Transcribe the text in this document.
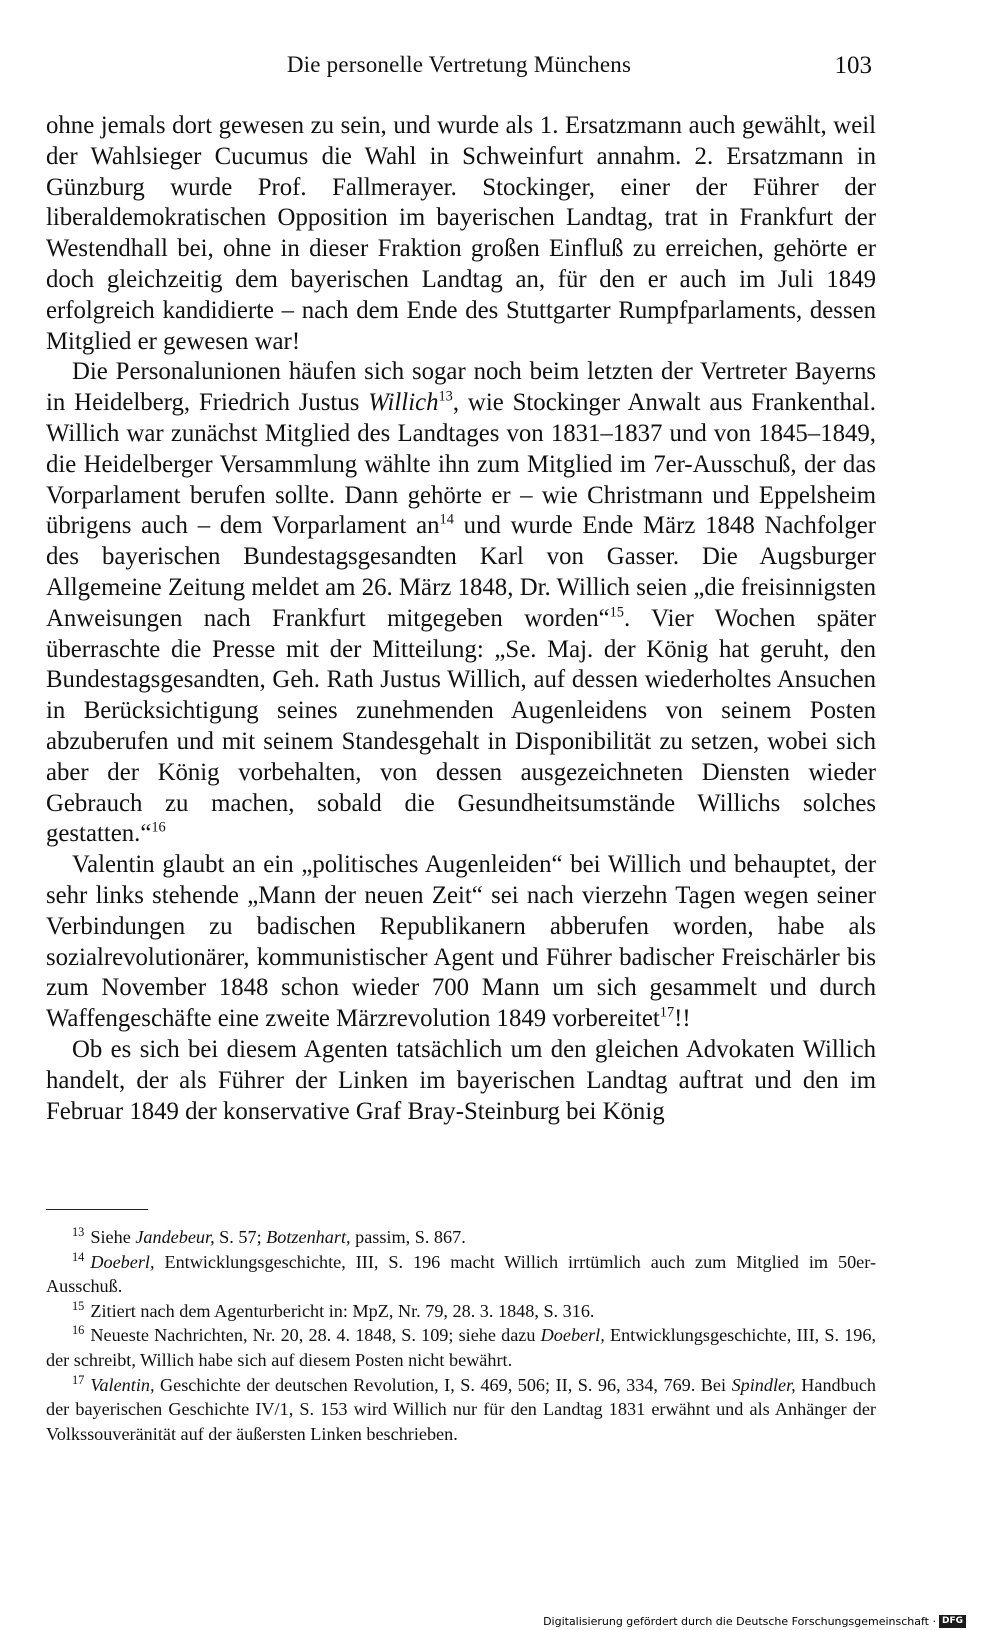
Die personelle Vertretung Münchens	103

ohne jemals dort gewesen zu sein, und wurde als 1. Ersatzmann auch gewählt, weil der Wahlsieger Cucumus die Wahl in Schweinfurt annahm. 2. Ersatzmann in Günzburg wurde Prof. Fallmerayer. Stockinger, einer der Führer der liberaldemokratischen Opposition im bayerischen Landtag, trat in Frankfurt der Westendhall bei, ohne in dieser Fraktion großen Einfluß zu erreichen, gehörte er doch gleichzeitig dem bayerischen Landtag an, für den er auch im Juli 1849 erfolgreich kandidierte – nach dem Ende des Stuttgarter Rumpfparlaments, dessen Mitglied er gewesen war!

Die Personalunionen häufen sich sogar noch beim letzten der Vertreter Bayerns in Heidelberg, Friedrich Justus Willich$^{13}$, wie Stockinger Anwalt aus Frankenthal. Willich war zunächst Mitglied des Landtages von 1831–1837 und von 1845–1849, die Heidelberger Versammlung wählte ihn zum Mitglied im 7er-Ausschuß, der das Vorparlament berufen sollte. Dann gehörte er – wie Christmann und Eppelsheim übrigens auch – dem Vorparlament $an^{14}$ und wurde Ende März 1848 Nachfolger des bayerischen Bundestagsgesandten Karl von Gasser. Die Augsburger Allgemeine Zeitung meldet am 26. März 1848, Dr. Willich seien „die freisinnigsten Anweisungen nach Frankfurt mitgegeben worden“$^{15}$. Vier Wochen später überraschte die Presse mit der Mitteilung: „Se. Maj. der König hat geruht, den Bundestagsgesandten, Geh. Rath Justus Willich, auf dessen wiederholtes Ansuchen in Berücksichtigung seines zunehmenden Augenleidens von seinem Posten abzuberufen und mit seinem Standesgehalt in Disponibilität zu setzen, wobei sich aber der König vorbehalten, von dessen ausgezeichneten Diensten wieder Gebrauch zu machen, sobald die Gesundheitsumstände Willichs solches gestatten.“$^{16}$

Valentin glaubt an ein „politisches Augenleiden“ bei Willich und behauptet, der sehr links stehende „Mann der neuen Zeit“ sei nach vierzehn Tagen wegen seiner Verbindungen zu badischen Republikanern abberufen worden, habe als sozialrevolutionärer, kommunistischer Agent und Führer badischer Freischärler bis zum November 1848 schon wieder 700 Mann um sich gesammelt und durch Waffengeschäfte eine zweite Märzrevolution 1849 vorbereitet$^{17}$!!

Ob es sich bei diesem Agenten tatsächlich um den gleichen Advokaten Willich handelt, der als Führer der Linken im bayerischen Landtag auftrat und den im Februar 1849 der konservative Graf Bray-Steinburg bei König

$^{13}$ Siehe Jandebeur, S. 57; Botzenhart, passim, S. 867.

$^{14}$ Doeberl, Entwicklungsgeschichte, III, S. 196 macht Willich irrtümlich auch zum Mitglied im 50er-Ausschuß.

$^{15}$ Zitiert nach dem Agenturbericht in: MpZ, Nr. 79, 28. 3. 1848, S. 316.

$^{16}$ Neueste Nachrichten, Nr. 20, 28. 4. 1848, S. 109; siehe dazu Doeberl, Entwicklungsgeschichte, III, S. 196, der schreibt, Willich habe sich auf diesem Posten nicht bewährt.

$^{17}$ Valentin, Geschichte der deutschen Revolution, I, S. 469, 506; II, S. 96, 334, 769. Bei Spindler, Handbuch der bayerischen Geschichte IV/1, S. 153 wird Willich nur für den Landtag 1831 erwähnt und als Anhänger der Volkssouveränität auf der äußersten Linken beschrieben.

Digitalisierung gefördert durch die Deutsche Forschungsgemeinschaft · DFG
